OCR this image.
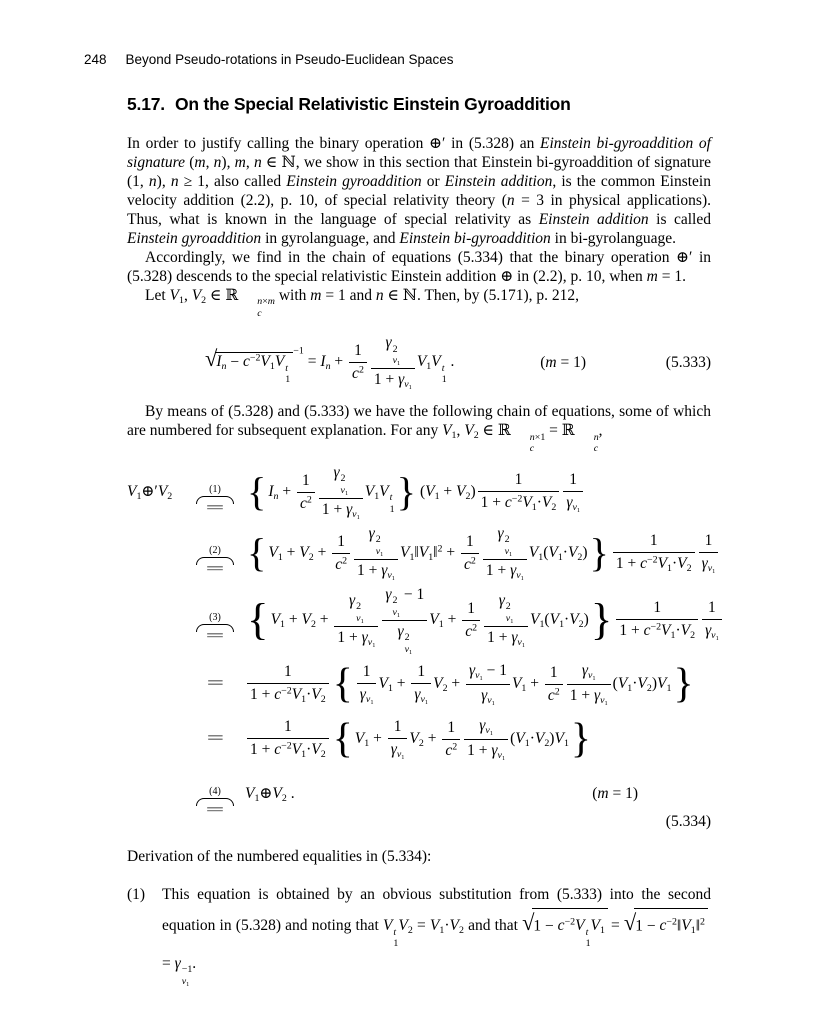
248 Beyond Pseudo-rotations in Pseudo-Euclidean Spaces
5.17. On the Special Relativistic Einstein Gyroaddition

In order to justify calling the binary operation ⊕′ in (5.328) an Einstein bi-gyroaddition of signature (m, n), m, n ∈ ℕ, we show in this section that Einstein bi-gyroaddition of signature (1, n), n ≥ 1, also called Einstein gyroaddition or Einstein addition, is the common Einstein velocity addition (2.2), p. 10, of special relativity theory (n = 3 in physical applications). Thus, what is known in the language of special relativity as Einstein addition is called Einstein gyroaddition in gyrolanguage, and Einstein bi-gyroaddition in bi-gyrolanguage.

Accordingly, we find in the chain of equations (5.334) that the binary operation ⊕′ in (5.328) descends to the special relativistic Einstein addition ⊕ in (2.2), p. 10, when m = 1.

Let V1, V2 ∈ ℝ	n×m
c
with m = 1 and n ∈ ℕ. Then, by (5.171), p. 212,

√ $In - c^{-2}V1V$ t
1
$^{-1}= In + \frac{1}{c^2}$ γ 2
v1
1 + γv1 V1V t
1
.	(m = 1)	(5.333)

By means of (5.328) and (5.333) we have the following chain of equations, some of which are numbered for subsequent explanation. For any V1, V2 ∈ ℝ	n×1
c
= ℝ	n
c
,

V1⊕′V2
(1)
= { $In + \frac{1}{c^2}$ γ 2
v1
1 + γv1 V1V t
1 } $(V1 + V2) \frac{1}{1 + c^{-2} V1 \cdot V2} \frac{1}{\gamma v1}$
(2)
= { $V1 + V2 + \frac{1}{c^2}$ γ 2
v1
1 + γv1 V1‖V1‖$^2$ + $\frac{1}{c^2}$ γ 2
v1
1 + γv1 $V1(V1\cdot V2)\} \frac{1}{1 + c^{-2} V1 \cdot V2} \frac{1}{\gamma v1}$
(3)
= { V1 + V2 + γ 2
v1
1 + γv1 γ 2
v1
− 1
γ 2
v1 $V1 + \frac{1}{c^2}$ γ 2
v1
1 + γv1 $V1(V1\cdot V2)\} \frac{1}{1 + c^{-2} V1 \cdot V2} \frac{1}{\gamma v1}$
= $\frac{1}{1 + c^{-2} V1 \cdot V2}$ { $\frac{1}{\gamma v1} V1 + \frac{1}{\gamma v1} V2 + \frac{\gamma v1 - 1}{\gamma v1} V1 + \frac{1}{c^2} \frac{\gamma v1}{1 + \gamma v1} (V1\cdot V2)V1$}
= $\frac{1}{1 + c^{-2} V1 \cdot V2}$ { $V1 + \frac{1}{\gamma v1} V2 + \frac{1}{c^2} \frac{\gamma v1}{1 + \gamma v1} (V1\cdot V2)V1$}
(4)
=
V1⊕V2 .	(m = 1)
(5.334)

Derivation of the numbered equalities in (5.334):

(1) This equation is obtained by an obvious substitution from (5.333) into the second equation in (5.328) and noting that V t
1
V2 = V1·V2 and that √ $1 - c^{-2}V$ t
1
V1 = √ $1 - c^{-2}‖V1‖^2$
= γ −1
v1
.
